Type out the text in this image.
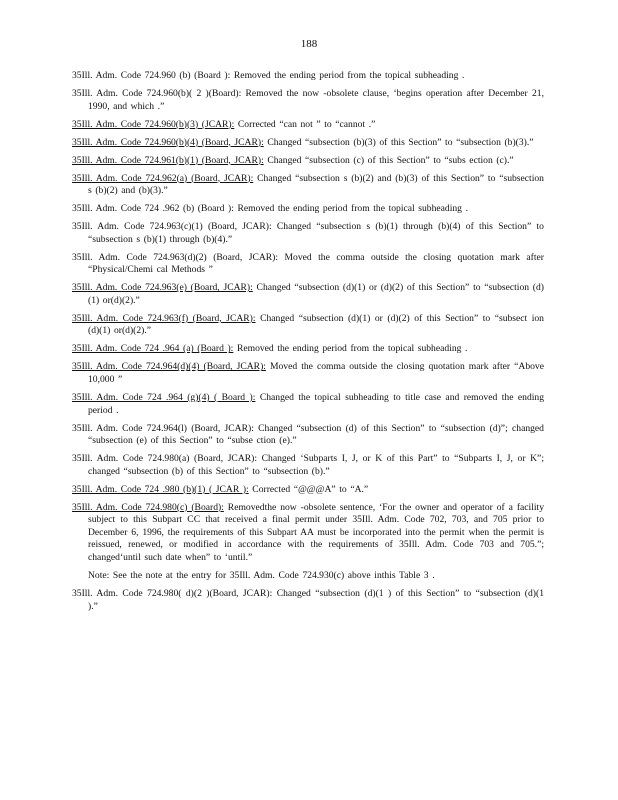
188
35Ill. Adm. Code 724.960 (b) (Board ): Removed the ending period from the topical subheading .
35Ill. Adm. Code 724.960(b)( 2 )(Board): Removed the now -obsolete clause, ‘begins operation after December 21, 1990, and which .”
35Ill. Adm. Code 724.960(b)(3) (JCAR): Corrected “can not ” to “cannot .”
35Ill. Adm. Code 724.960(b)(4) (Board, JCAR): Changed “subsection (b)(3) of this Section” to “subsection (b)(3).”
35Ill. Adm. Code 724.961(b)(1) (Board, JCAR): Changed “subsection (c) of this Section” to “subs ection (c).”
35Ill. Adm. Code 724.962(a) (Board, JCAR): Changed “subsection s (b)(2) and (b)(3) of this Section” to “subsection s (b)(2) and (b)(3).”
35Ill. Adm. Code 724 .962 (b) (Board ): Removed the ending period from the topical subheading .
35Ill. Adm. Code 724.963(c)(1) (Board, JCAR): Changed “subsection s (b)(1) through (b)(4) of this Section” to “subsection s (b)(1) through (b)(4).”
35Ill. Adm. Code 724.963(d)(2) (Board, JCAR): Moved the comma outside the closing quotation mark after “Physical/Chemi cal Methods ”
35Ill. Adm. Code 724.963(e) (Board, JCAR): Changed “subsection (d)(1) or (d)(2) of this Section” to “subsection (d)(1) or(d)(2).”
35Ill. Adm. Code 724.963(f) (Board, JCAR): Changed “subsection (d)(1) or (d)(2) of this Section” to “subsect ion (d)(1) or(d)(2).”
35Ill. Adm. Code 724 .964 (a) (Board ): Removed the ending period from the topical subheading .
35Ill. Adm. Code 724.964(d)(4) (Board, JCAR): Moved the comma outside the closing quotation mark after “Above 10,000 ”
35Ill. Adm. Code 724 .964 (g)(4) ( Board ): Changed the topical subheading to title case and removed the ending period .
35Ill. Adm. Code 724.964(l) (Board, JCAR): Changed “subsection (d) of this Section” to “subsection (d)”; changed “subsection (e) of this Section” to “subse ction (e).”
35Ill. Adm. Code 724.980(a) (Board, JCAR): Changed ‘Subparts I, J, or K of this Part” to “Subparts I, J, or K”; changed “subsection (b) of this Section” to “subsection (b).”
35Ill. Adm. Code 724 .980 (b)(1) ( JCAR ): Corrected “@@@A” to “A.”
35Ill. Adm. Code 724.980(c) (Board): Removedthe now -obsolete sentence, ‘For the owner and operator of a facility subject to this Subpart CC that received a final permit under 35Ill. Adm. Code 702, 703, and 705 prior to December 6, 1996, the requirements of this Subpart AA must be incorporated into the permit when the permit is reissued, renewed, or modified in accordance with the requirements of 35Ill. Adm. Code 703 and 705.”; changed‘until such date when” to ‘until.”
Note: See the note at the entry for 35Ill. Adm. Code 724.930(c) above inthis Table 3 .
35Ill. Adm. Code 724.980( d)(2 )(Board, JCAR): Changed “subsection (d)(1 ) of this Section” to “subsection (d)(1 ).”
